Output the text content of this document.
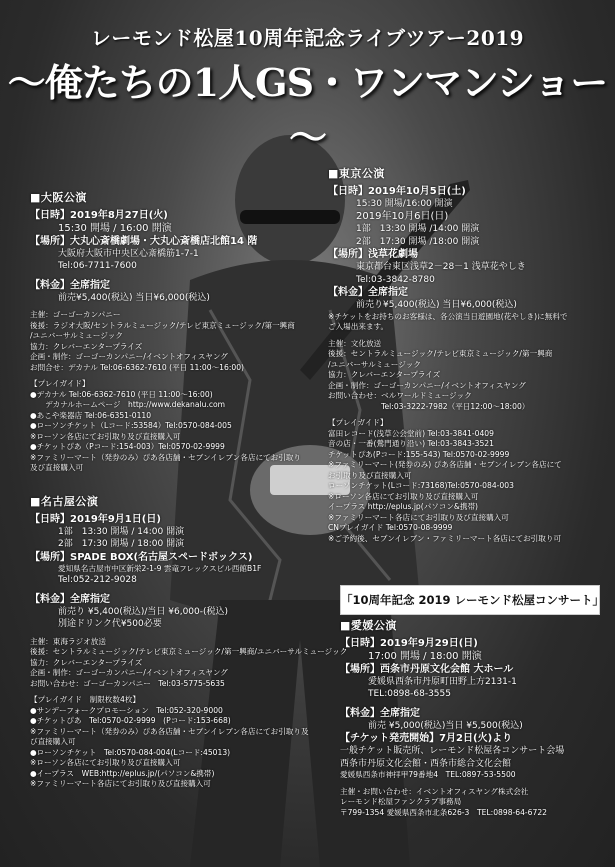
レーモンド松屋10周年記念ライブツアー2019
～俺たちの1人GS・ワンマンショー～
■大阪公演
【日時】2019年8月27日(火)
15:30 開場 / 16:00 開演
【場所】大丸心斎橋劇場・大丸心斎橋店北館14 階
大阪府大阪市中央区心斎橋筋1-7-1
Tel:06-7711-7600
【料金】全席指定
前売¥5,400(税込) 当日¥6,000(税込)
主催：ゴーゴーカンパニー
後援：ラジオ大阪/セントラルミュージック/テレビ東京ミュージック/第一興商
/ユニバーサルミュージック
協力：クレバーエンタープライズ
企画・制作：ゴーゴーカンパニー/イベントオフィスヤング
お問合せ：デカナル Tel:06-6362-7610 (平日 11:00～16:00)
【プレイガイド】
●デカナル Tel:06-6362-7610 (平日 11:00～16:00)
　　デカナルホームページ　http://www.dekanalu.com
●あこや楽器店 Tel:06-6351-0110
●ローソンチケット（Lコード:53584）Tel:0570-084-005
※ローソン各店にてお引取り及び直接購入可
●チケットぴあ（Pコード:154-003）Tel:0570-02-9999
※ファミリーマート（発券のみ）ぴあ各店舗・セブンイレブン各店にてお引取り
及び直接購入可
■名古屋公演
【日時】2019年9月1日(日)
1部　13:30 開場 / 14:00 開演
2部　17:30 開場 / 18:00 開演
【場所】SPADE BOX(名古屋スペードボックス)
愛知県名古屋市中区新栄2-1-9 雲竜フレックスビル西館B1F
Tel:052-212-9028
【料金】全席指定
前売り ¥5,400(税込)/当日 ¥6,000-(税込)
別途ドリンク代¥500必要
主催：東海ラジオ放送
後援：セントラルミュージック/テレビ東京ミュージック/第一興商/ユニバーサルミュージック
協力：クレバーエンタープライズ
企画・制作：ゴーゴーカンパニー/イベントオフィスヤング
お問い合わせ：ゴーゴーカンパニー　Tel:03-5775-5635
【プレイガイド　制限枚数4枚】
●サンデーフォークプロモーション　Tel:052-320-9000
●チケットぴあ　Tel:0570-02-9999　(Pコード:153-668)
※ファミリーマート（発券のみ）ぴあ各店舗・セブンイレブン各店にてお引取り及
び直接購入可
●ローソンチケット　Tel:0570-084-004(Lコード:45013)
※ローソン各店にてお引取り及び直接購入可
●イープラス　WEB:http://eplus.jp/(パソコン&携帯)
※ファミリーマート各店にてお引取り及び直接購入可
■東京公演
【日時】2019年10月5日(土)
15:30 開場/16:00 開演
2019年10月6日(日)
1部　13:30 開場 /14:00 開演
2部　17:30 開場 /18:00 開演
【場所】浅草花劇場
東京都台東区浅草2－28－1 浅草花やしき
Tel:03-3842-8780
【料金】全席指定
前売り¥5,400(税込) 当日¥6,000(税込)
※チケットをお持ちのお客様は、各公演当日遊園地(花やしき)に無料で
ご入場出来ます。
主催：文化放送
後援：セントラルミュージック/テレビ東京ミュージック/第一興商
/ユニバーサルミュージック
協力：クレバーエンタープライズ
企画・制作：ゴーゴーカンパニー/イベントオフィスヤング
お問い合わせ：ベルワールドミュージック
　　　　　　　Tel:03-3222-7982（平日12:00～18:00）
【プレイガイド】
富田レコード(浅草公会堂前) Tel:03-3841-0409
音の店・一番(鶯門通り沿い) Tel:03-3843-3521
チケットぴあ(Pコード:155-543) Tel:0570-02-9999
※ファミリーマート(発券のみ) ぴあ各店舗・セブンイレブン各店にて
お引取り及び直接購入可
ローソンチケット(Lコード:73168)Tel:0570-084-003
※ローソン各店にてお引取り及び直接購入可
イープラス http://eplus.jp(パソコン&携帯)
※ファミリーマート各店にてお引取り及び直接購入可
CNプレイガイド Tel:0570-08-9999
※ご予約後、セブンイレブン・ファミリーマート各店にてお引取り可
「10周年記念 2019 レーモンド松屋コンサート」
■愛媛公演
【日時】2019年9月29日(日)
17:00 開場 / 18:00 開演
【場所】西条市丹原文化会館 大ホール
愛媛県西条市丹原町田野上方2131-1
TEL:0898-68-3555
【料金】全席指定
前売 ¥5,000(税込)当日 ¥5,500(税込)
【チケット発売開始】7月2日(火)より
一般チケット販売所、レーモンド松屋各コンサート会場
西条市丹原文化会館・西条市総合文化会館
愛媛県西条市神拝甲79番地4　TEL:0897-53-5500
主催・お問い合わせ：イベントオフィスヤング株式会社
レーモンド松屋ファンクラブ事務局
〒799-1354 愛媛県西条市北条626-3　TEL:0898-64-6722
